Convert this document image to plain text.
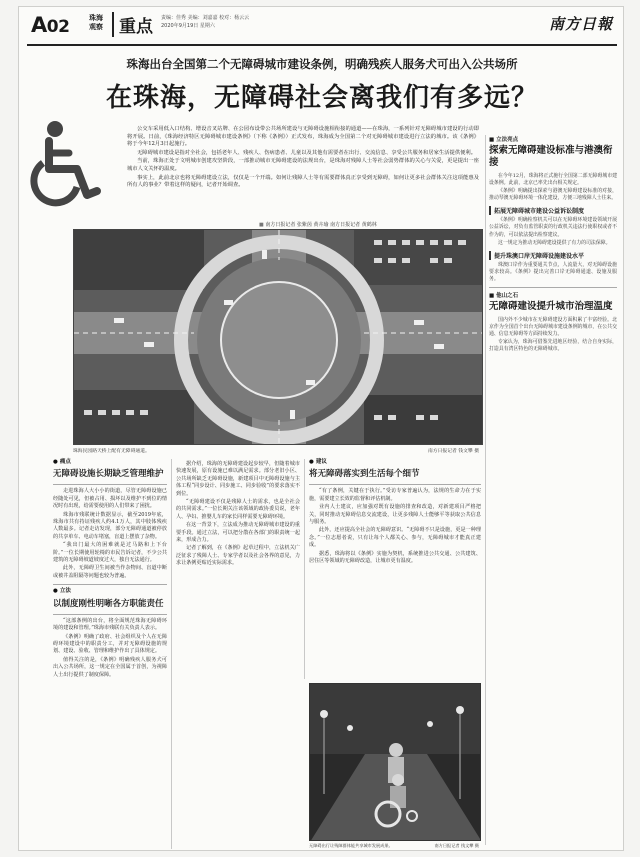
A02	珠海观察 重点 责编：佳秀 美编：刘嘉嘉 校对：杨云云
2020年9月19日 星期六	南方日報
珠海出台全国第二个无障碍城市建设条例，明确残疾人服务犬可出入公共场所
在珠海，无障碍社会离我们有多远？

公交车采用低入口结构、增设音叉站牌、在公园布设带公共场所建设与无障碍设施相衔接的通道——在珠海，一系列针对无障碍城市建设的行动即将开展。日前，《珠海经济特区无障碍城市建设条例》（下称《条例》）正式发布，珠海成为全国第二个对无障碍城市建设进行立法的城市。该《条例》将于今年12月3日起施行。

无障碍城市建设是指对全社会，包括老年人、残疾人、伤病患者、儿童以及其他有需要者在出行、交流信息、享受公共服务和居家生活提供便利。

当前，珠海正处于文明城市创建攻坚阶段，一部推动城市无障碍建设的法规出台，是珠海对残障人士等社会弱势群体的关心与关爱，更是提出一座城市人文关怀的温度。

事实上，此前北京也将无障碍建设立法，仅仅是一个开端。如何让残障人士等有需要群体真正享受到无障碍，如何让更多社会群体关注这项能惠及所有人的事业？带着这样的疑问，记者开始调查。

■ 南方日报记者 张紫茵 黄卉瑜 南方日报记者 黄鹤林
珠海民园路天桥上配有无障碍通道。	南方日报记者 钱文攀 摄
● 痛点
无障碍设施长期缺乏管理维护

走进珠海人大小小的街道，尽管无障碍设施已经随处可见，但被占用、损坏以及维护不到位的情况时有出现，给需要使用的人们带来了困扰。

珠海市残联统计数据显示，截至2019年底，珠海市共有持证残疾人约4.1万人，其中肢体残疾人数最多。记者走访发现，部分无障碍通道被停放的共享单车、电动车堵塞，盲道上摆放了杂物。

“我出门最大的困难就是过马路和上下台阶。”一位长期使用轮椅的市民告诉记者，不少公共建筑的无障碍坡道坡度过大，独自无法通行。

此外，无障碍卫生间被当作杂物间、盲道中断或被井盖阻隔等问题也较为普遍。

● 立法
以制度刚性明晰各方职能责任

“这部条例的出台，将全面规范珠海无障碍环境的建设和管理。”珠海市残联有关负责人表示。

《条例》明确了政府、社会组织及个人在无障碍环境建设中的职责分工，并对无障碍设施的规划、建设、验收、管理和维护作出了具体规定。

值得关注的是，《条例》明确残疾人服务犬可出入公共场所，这一规定在全国属于首创，为视障人士出行提供了制度保障。

据介绍，珠海的无障碍建设起步较早，但随着城市快速发展，原有设施已难以满足需求。部分老旧小区、公共场所缺乏无障碍设施，新建项目中无障碍设施与主体工程“同步设计、同步施工、同步验收”的要求落实不到位。

“无障碍建设不仅是残障人士的需求，也是全社会的共同需求。”一位长期关注该领域的政协委员说，老年人、孕妇、推婴儿车的家长同样需要无障碍环境。

在这一背景下，立法成为推动无障碍城市建设的重要手段。通过立法，可以把分散在各部门的职责统一起来，形成合力。

记者了解到，在《条例》起草过程中，立法机关广泛征求了残障人士、专家学者以及社会各界的意见，力求让条例更贴近实际需求。

● 建议
将无障碍落实到生活每个细节

“有了条例，关键在于执行。”受访专家普遍认为，法规的生命力在于实施，需要建立长效的监督和评估机制。

业内人士建议，应加强对既有设施的排查和改造，对新建项目严格把关，同时推动无障碍信息交流建设，让更多残障人士能够平等获取公共信息与服务。

此外，还应提高全社会的无障碍意识。“无障碍不只是设施，更是一种理念。”一位志愿者说，只有让每个人都关心、参与，无障碍城市才能真正建成。

据悉，珠海将以《条例》实施为契机，系统推进公共交通、公共建筑、居住区等领域的无障碍改造，让城市更有温度。

无障碍出行让残障群体能共享城市发展成果。	南方日报记者 钱文攀 摄
■ 立法亮点
探索无障碍建设标准与港澳衔接

在今年12月，珠海将正式施行全国第二部无障碍城市建设条例。此前，北京已率先出台相关规定。

《条例》明确提出探索与港澳无障碍建设标准的对接，推动琴澳无障碍环境一体化建设，方便三地残障人士往来。

拓展无障碍城市建设公益诉讼制度

《条例》明确检察机关可以在无障碍环境建设领域开展公益诉讼，对负有监管职责的行政机关违法行使职权或者不作为的，可以依法提出检察建议。

这一规定为推动无障碍建设提供了有力的司法保障。

提升珠澳口岸无障碍设施建设水平

珠澳口岸作为重要通关节点，人流量大，对无障碍设施要求较高。《条例》提出完善口岸无障碍通道、设施及服务。

■ 他山之石
无障碍建设提升城市治理温度

国内外不少城市在无障碍建设方面积累了丰富经验。北京作为全国首个出台无障碍城市建设条例的城市，在公共交通、信息无障碍等方面持续发力。

专家认为，珠海可借鉴先进地区经验，结合自身实际，打造具有湾区特色的无障碍城市。
